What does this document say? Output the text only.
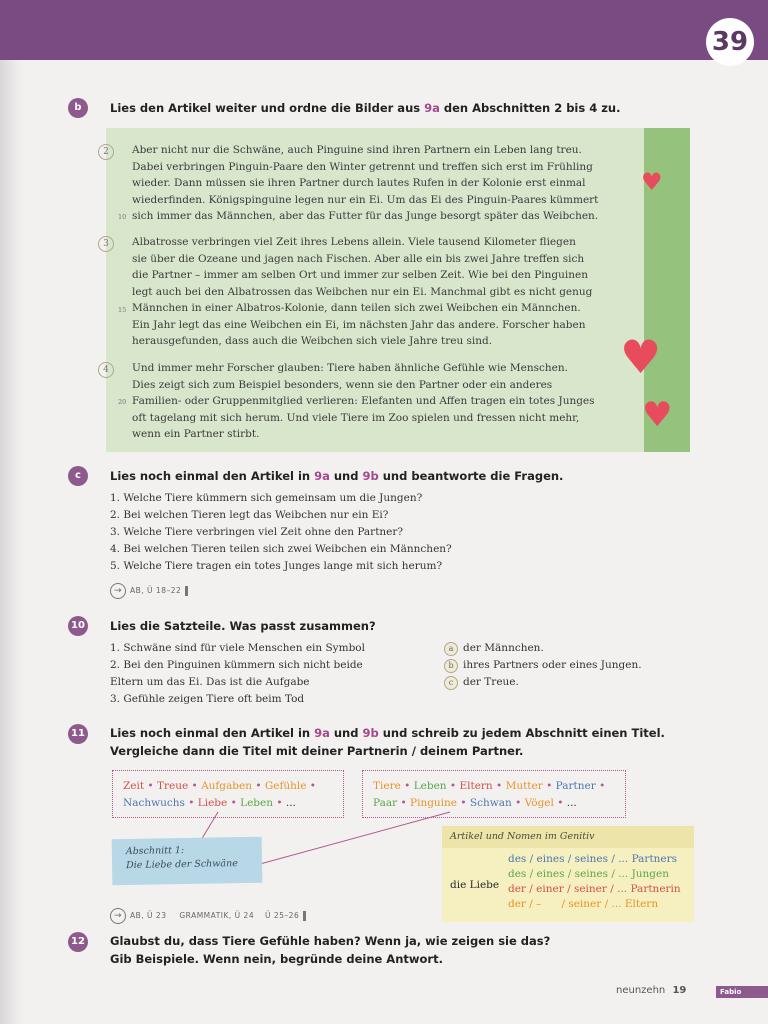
39
b	Lies den Artikel weiter und ordne die Bilder aus 9a den Abschnitten 2 bis 4 zu.
♥
♥
♥
2	Aber nicht nur die Schwäne, auch Pinguine sind ihren Partnern ein Leben lang treu.
Dabei verbringen Pinguin-Paare den Winter getrennt und treffen sich erst im Frühling
wieder. Dann müssen sie ihren Partner durch lautes Rufen in der Kolonie erst einmal
wiederfinden. Königspinguine legen nur ein Ei. Um das Ei des Pinguin-Paares kümmert
sich immer das Männchen, aber das Futter für das Junge besorgt später das Weibchen.
10
3	Albatrosse verbringen viel Zeit ihres Lebens allein. Viele tausend Kilometer fliegen
sie über die Ozeane und jagen nach Fischen. Aber alle ein bis zwei Jahre treffen sich
die Partner – immer am selben Ort und immer zur selben Zeit. Wie bei den Pinguinen
legt auch bei den Albatrossen das Weibchen nur ein Ei. Manchmal gibt es nicht genug
Männchen in einer Albatros-Kolonie, dann teilen sich zwei Weibchen ein Männchen.
Ein Jahr legt das eine Weibchen ein Ei, im nächsten Jahr das andere. Forscher haben
herausgefunden, dass auch die Weibchen sich viele Jahre treu sind.
15
4	Und immer mehr Forscher glauben: Tiere haben ähnliche Gefühle wie Menschen.
Dies zeigt sich zum Beispiel besonders, wenn sie den Partner oder ein anderes
Familien- oder Gruppenmitglied verlieren: Elefanten und Affen tragen ein totes Junges
oft tagelang mit sich herum. Und viele Tiere im Zoo spielen und fressen nicht mehr,
wenn ein Partner stirbt.
20
c	Lies noch einmal den Artikel in 9a und 9b und beantworte die Fragen.
1. Welche Tiere kümmern sich gemeinsam um die Jungen?
2. Bei welchen Tieren legt das Weibchen nur ein Ei?
3. Welche Tiere verbringen viel Zeit ohne den Partner?
4. Bei welchen Tieren teilen sich zwei Weibchen ein Männchen?
5. Welche Tiere tragen ein totes Junges lange mit sich herum?
→ AB, Ü 18–22
10 Lies die Satzteile. Was passt zusammen?
1. Schwäne sind für viele Menschen ein Symbol
2. Bei den Pinguinen kümmern sich nicht beide
Eltern um das Ei. Das ist die Aufgabe
3. Gefühle zeigen Tiere oft beim Tod
a der Männchen.
b ihres Partners oder eines Jungen.
c der Treue.
11 Lies noch einmal den Artikel in 9a und 9b und schreib zu jedem Abschnitt einen Titel.
Vergleiche dann die Titel mit deiner Partnerin / deinem Partner.
Zeit • Treue • Aufgaben • Gefühle •
Nachwuchs • Liebe • Leben • ...
Tiere • Leben • Eltern • Mutter • Partner •
Paar • Pinguine • Schwan • Vögel • ...
Abschnitt 1:
Die Liebe der Schwäne
Artikel und Nomen im Genitiv
die Liebe
des / eines / seines / ... Partners
des / eines / seines / ... Jungen
der / einer / seiner / ... Partnerin
der / –      / seiner / ... Eltern
→ AB, Ü 23 GRAMMATIK, Ü 24 Ü 25–26
12 Glaubst du, dass Tiere Gefühle haben? Wenn ja, wie zeigen sie das?
Gib Beispiele. Wenn nein, begründe deine Antwort.
neunzehn 19	Fabio
